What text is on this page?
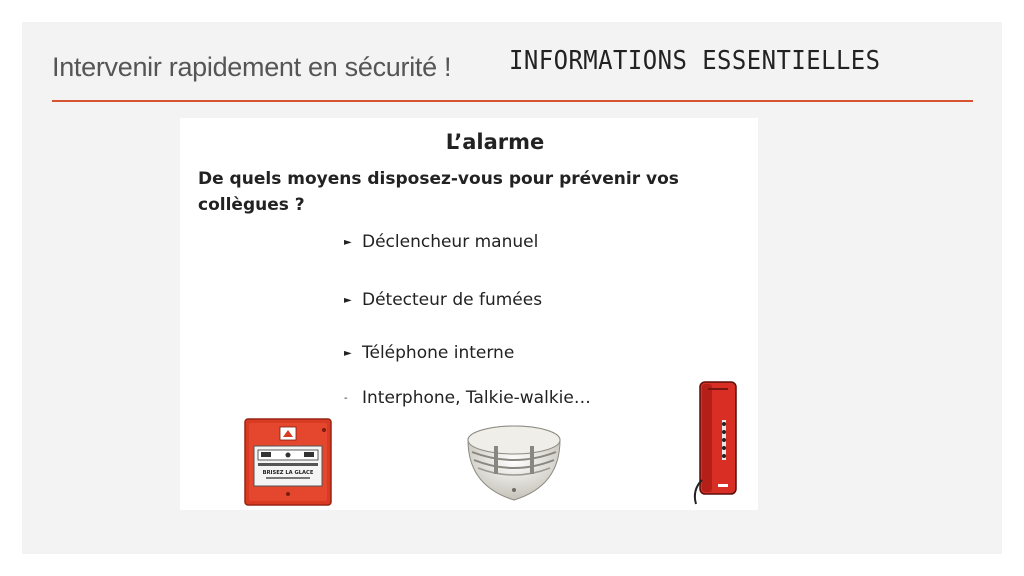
Intervenir rapidement en sécurité ! INFORMATIONS ESSENTIELLES
L’alarme
De quels moyens disposez-vous pour prévenir vos collègues ?
► Déclencheur manuel
► Détecteur de fumées
► Téléphone interne
- Interphone, Talkie-walkie…
BRISEZ LA GLACE
